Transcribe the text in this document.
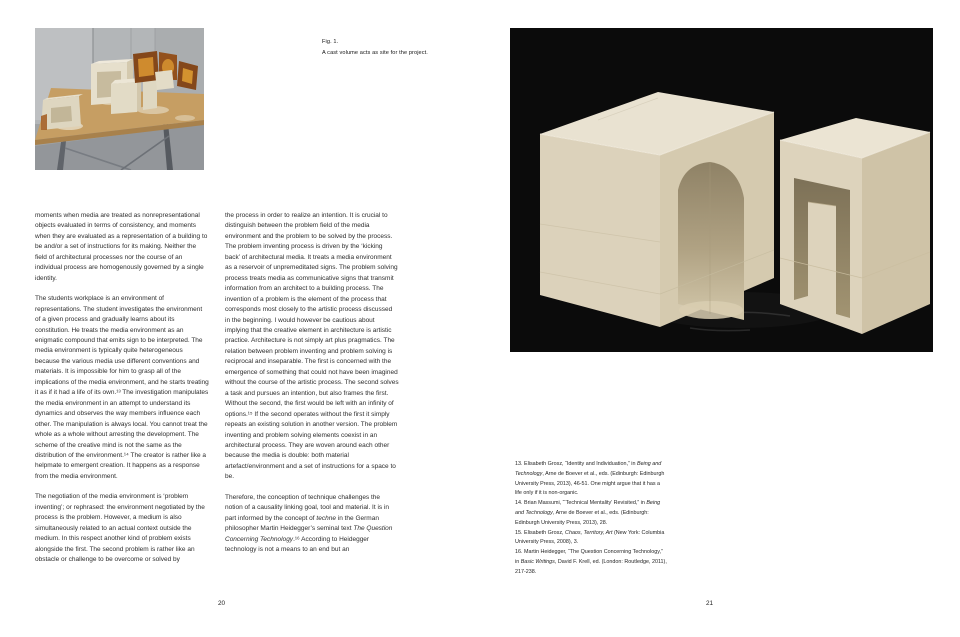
Fig. 1.
A cast volume acts as site for the project.

moments when media are treated as nonrepresentational objects evaluated in terms of consistency, and moments when they are evaluated as a representation of a building to be and/or a set of instructions for its making. Neither the field of architectural processes nor the course of an individual process are homogenously governed by a single identity.

The students workplace is an environment of representations. The student investigates the environment of a given process and gradually learns about its constitution. He treats the media environment as an enigmatic compound that emits sign to be interpreted. The media environment is typically quite heterogeneous because the various media use different conventions and materials. It is impossible for him to grasp all of the implications of the media environment, and he starts treating it as if it had a life of its own.¹³ The investigation manipulates the media environment in an attempt to understand its dynamics and observes the way members influence each other. The manipulation is always local. You cannot treat the whole as a whole without arresting the development. The scheme of the creative mind is not the same as the distribution of the environment.¹⁴ The creator is rather like a helpmate to emergent creation. It happens as a response from the media environment.

The negotiation of the media environment is ‘problem inventing’; or rephrased: the environment negotiated by the process is the problem. However, a medium is also simultaneously related to an actual context outside the medium. In this respect another kind of problem exists alongside the first. The second problem is rather like an obstacle or challenge to be overcome or solved by

the process in order to realize an intention. It is crucial to distinguish between the problem field of the media environment and the problem to be solved by the process. The problem inventing process is driven by the ‘kicking back’ of architectural media. It treats a media environment as a reservoir of unpremeditated signs. The problem solving process treats media as communicative signs that transmit information from an architect to a building process. The invention of a problem is the element of the process that corresponds most closely to the artistic process discussed in the beginning. I would however be cautious about implying that the creative element in architecture is artistic practice. Architecture is not simply art plus pragmatics. The relation between problem inventing and problem solving is reciprocal and inseparable. The first is concerned with the emergence of something that could not have been imagined without the course of the artistic process. The second solves a task and pursues an intention, but also frames the first. Without the second, the first would be left with an infinity of options.¹⁵ If the second operates without the first it simply repeats an existing solution in another version. The problem inventing and problem solving elements coexist in an architectural process. They are woven around each other because the media is double: both material artefact/environment and a set of instructions for a space to be.

Therefore, the conception of technique challenges the notion of a causality linking goal, tool and material. It is in part informed by the concept of techne in the German philosopher Martin Heidegger’s seminal text The Question Concerning Technology.¹⁶ According to Heidegger technology is not a means to an end but an

20

13. Elisabeth Grosz, “Identity and Individuation,” in Being and Technology, Arne de Boever et al., eds. (Edinburgh: Edinburgh University Press, 2013), 46-51. One might argue that it has a life only if it is non-organic.

14. Brian Massumi, “‘Technical Mentality’ Revisited,” in Being and Technology, Arne de Boever et al., eds. (Edinburgh: Edinburgh University Press, 2013), 28.

15. Elisabeth Grosz, Chaos, Territory, Art (New York: Columbia University Press, 2008), 3.

16. Martin Heidegger, “The Question Concerning Technology,” in Basic Writings, David F. Krell, ed. (London: Routledge, 2011), 217-238.

21
